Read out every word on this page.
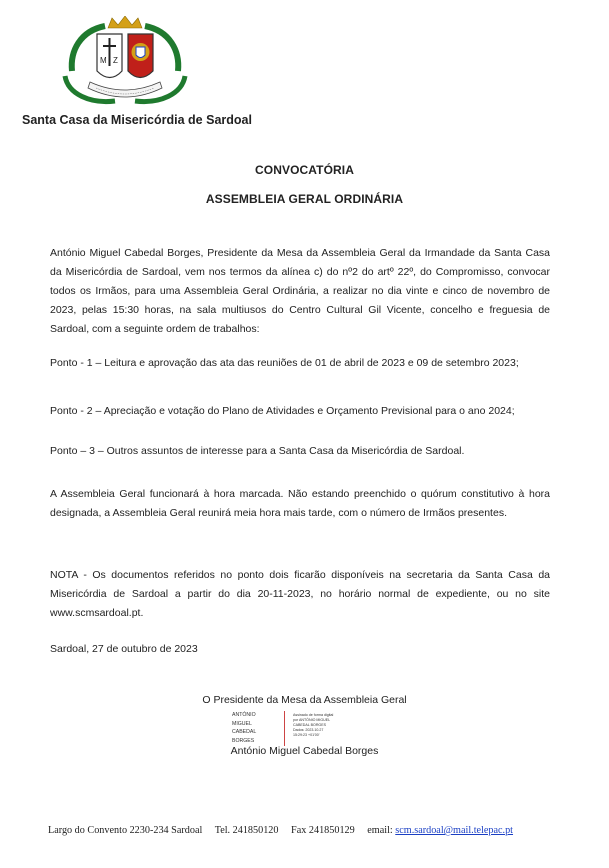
M Z
Santa Casa da Misericórdia de Sardoal
CONVOCATÓRIA
ASSEMBLEIA GERAL ORDINÁRIA
António Miguel Cabedal Borges, Presidente da Mesa da Assembleia Geral da Irmandade da Santa Casa da Misericórdia de Sardoal, vem nos termos da alínea c) do nº2 do artº 22º, do Compromisso, convocar todos os Irmãos, para uma Assembleia Geral Ordinária, a realizar no dia vinte e cinco de novembro de 2023, pelas 15:30 horas, na sala multiusos do Centro Cultural Gil Vicente, concelho e freguesia de Sardoal, com a seguinte ordem de trabalhos:
Ponto - 1 – Leitura e aprovação das ata das reuniões de 01 de abril de 2023 e 09 de setembro 2023;
Ponto - 2 – Apreciação e votação do Plano de Atividades e Orçamento Previsional para o ano 2024;
Ponto – 3 – Outros assuntos de interesse para a Santa Casa da Misericórdia de Sardoal.
A Assembleia Geral funcionará à hora marcada. Não estando preenchido o quórum constitutivo à hora designada, a Assembleia Geral reunirá meia hora mais tarde, com o número de Irmãos presentes.
NOTA - Os documentos referidos no ponto dois ficarão disponíveis na secretaria da Santa Casa da Misericórdia de Sardoal a partir do dia 20-11-2023, no horário normal de expediente, ou no site www.scmsardoal.pt.
Sardoal, 27 de outubro de 2023
O Presidente da Mesa da Assembleia Geral
ANTÓNIO
MIGUEL
CABEDAL
BORGES
Assinado de forma digital
por ANTÓNIO MIGUEL
CABEDAL BORGES
Dados: 2023.10.27
15:29:23 +01'00'
António Miguel Cabedal Borges
Largo do Convento 2230-234 Sardoal Tel. 241850120 Fax 241850129 email: scm.sardoal@mail.telepac.pt
